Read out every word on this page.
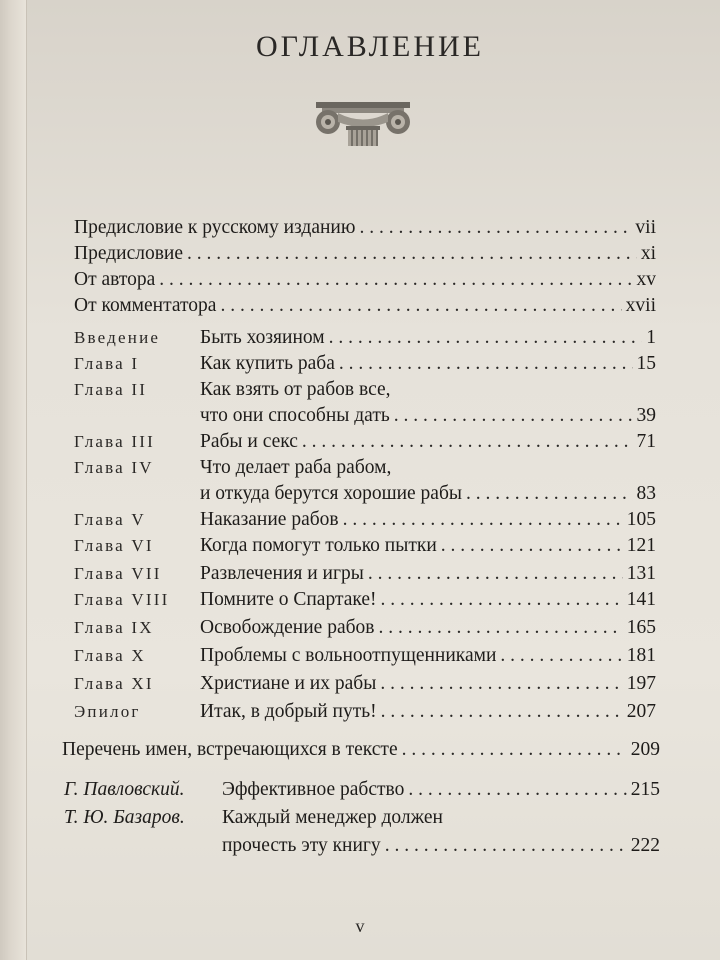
ОГЛАВЛЕНИЕ
Предисловие к русскому изданию . . .	vii
Предисловие . . .	xi
От автора . . .	xv
От комментатора . . .	xvii
Введение Быть хозяином . . .	1
Глава I	Как купить раба . . .	15
Глава II	Как взять от рабов все,
что они способны дать . . .	39
Глава III Рабы и секс . . .	71
Глава IV Что делает раба рабом,
и откуда берутся хорошие рабы . . .	83
Глава V	Наказание рабов . . .	105
Глава VI Когда помогут только пытки . . .	121
Глава VII Развлечения и игры . . .	131
Глава VIII Помните о Спартаке! . . .	141
Глава IX Освобождение рабов . . .	165
Глава X	Проблемы с вольноотпущенниками . . .	181
Глава XI Христиане и их рабы . . .	197
Эпилог	Итак, в добрый путь! . . .	207
Перечень имен, встречающихся в тексте . . .	209
Г. Павловский. Эффективное рабство . . .	215
Т. Ю. Базаров. Каждый менеджер должен
прочесть эту книгу . . .	222
v
